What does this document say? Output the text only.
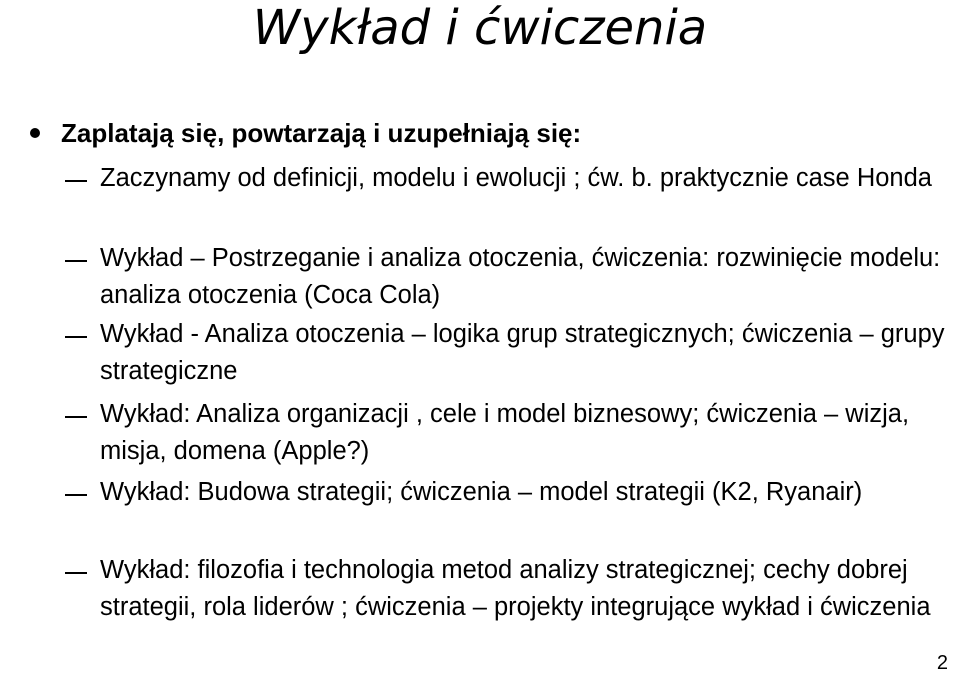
Wykład i ćwiczenia
Zaplatają się, powtarzają i uzupełniają się:
Zaczynamy od definicji, modelu i ewolucji ; ćw. b. praktycznie case Honda
Wykład – Postrzeganie i analiza otoczenia, ćwiczenia: rozwinięcie modelu: analiza otoczenia (Coca Cola)
Wykład - Analiza otoczenia – logika grup strategicznych; ćwiczenia – grupy strategiczne
Wykład: Analiza organizacji , cele i model biznesowy; ćwiczenia – wizja, misja, domena (Apple?)
Wykład: Budowa strategii; ćwiczenia – model strategii (K2, Ryanair)
Wykład: filozofia i technologia metod analizy strategicznej; cechy dobrej strategii, rola liderów ; ćwiczenia – projekty integrujące wykład i ćwiczenia
2
